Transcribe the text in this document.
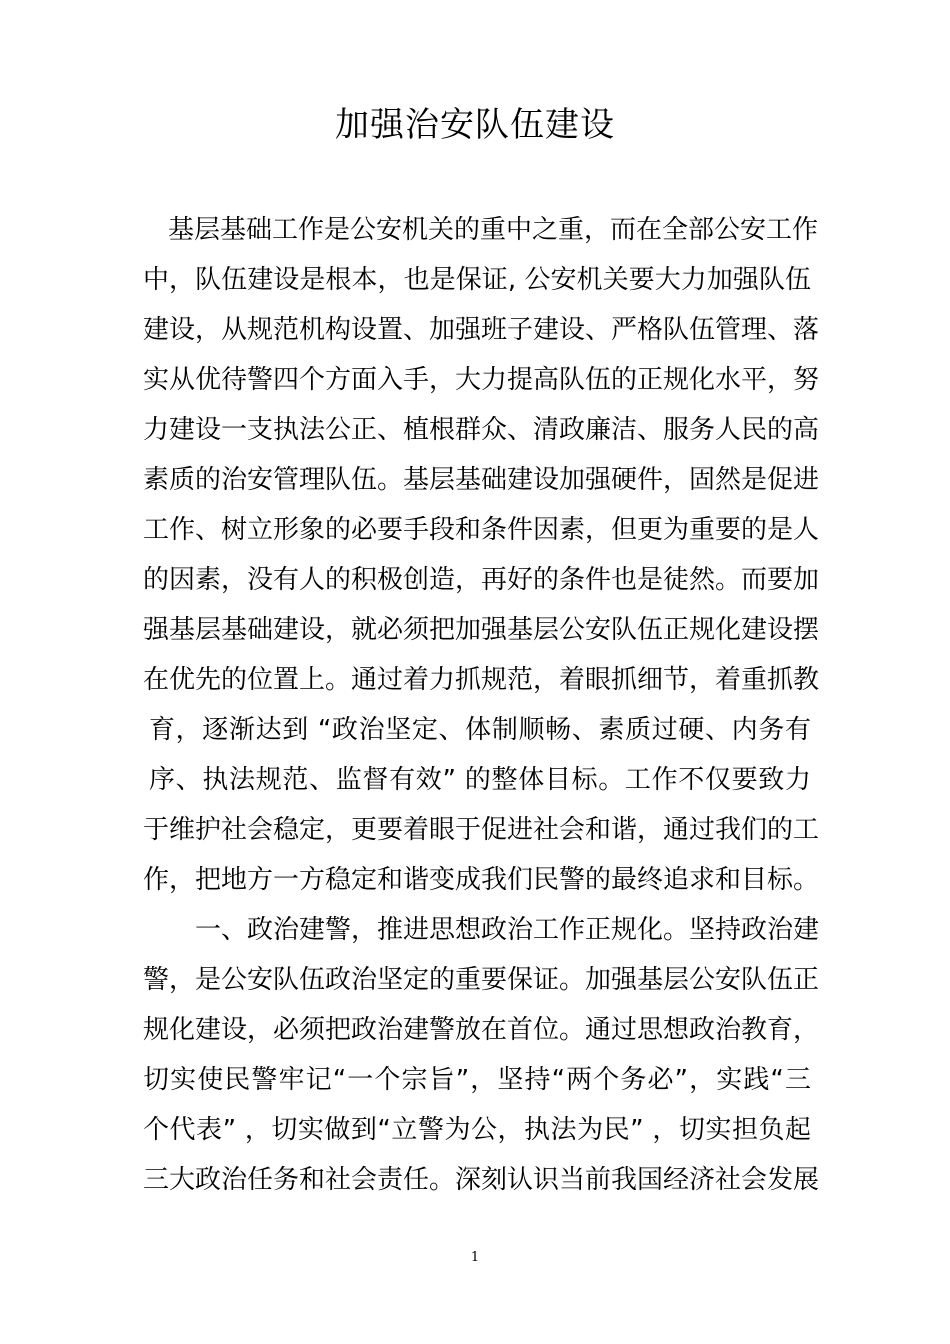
加强治安队伍建设
基层基础工作是公安机关的重中之重，而在全部公安工作
中，队伍建设是根本，也是保证, 公安机关要大力加强队伍
建设，从规范机构设置、加强班子建设、严格队伍管理、落
实从优待警四个方面入手，大力提高队伍的正规化水平，努
力建设一支执法公正、植根群众、清政廉洁、服务人民的高
素质的治安管理队伍。基层基础建设加强硬件，固然是促进
工作、树立形象的必要手段和条件因素，但更为重要的是人
的因素，没有人的积极创造，再好的条件也是徒然。而要加
强基层基础建设，就必须把加强基层公安队伍正规化建设摆
在优先的位置上。通过着力抓规范，着眼抓细节，着重抓教
育，逐渐达到 “政治坚定、体制顺畅、素质过硬、内务有
序、执法规范、监督有效” 的整体目标。工作不仅要致力
于维护社会稳定，更要着眼于促进社会和谐，通过我们的工
作，把地方一方稳定和谐变成我们民警的最终追求和目标。
一、政治建警，推进思想政治工作正规化。坚持政治建
警，是公安队伍政治坚定的重要保证。加强基层公安队伍正
规化建设，必须把政治建警放在首位。通过思想政治教育，
切实使民警牢记“一个宗旨”，坚持“两个务必”，实践“三
个代表” ，切实做到“立警为公，执法为民” ，切实担负起
三大政治任务和社会责任。深刻认识当前我国经济社会发展
1
